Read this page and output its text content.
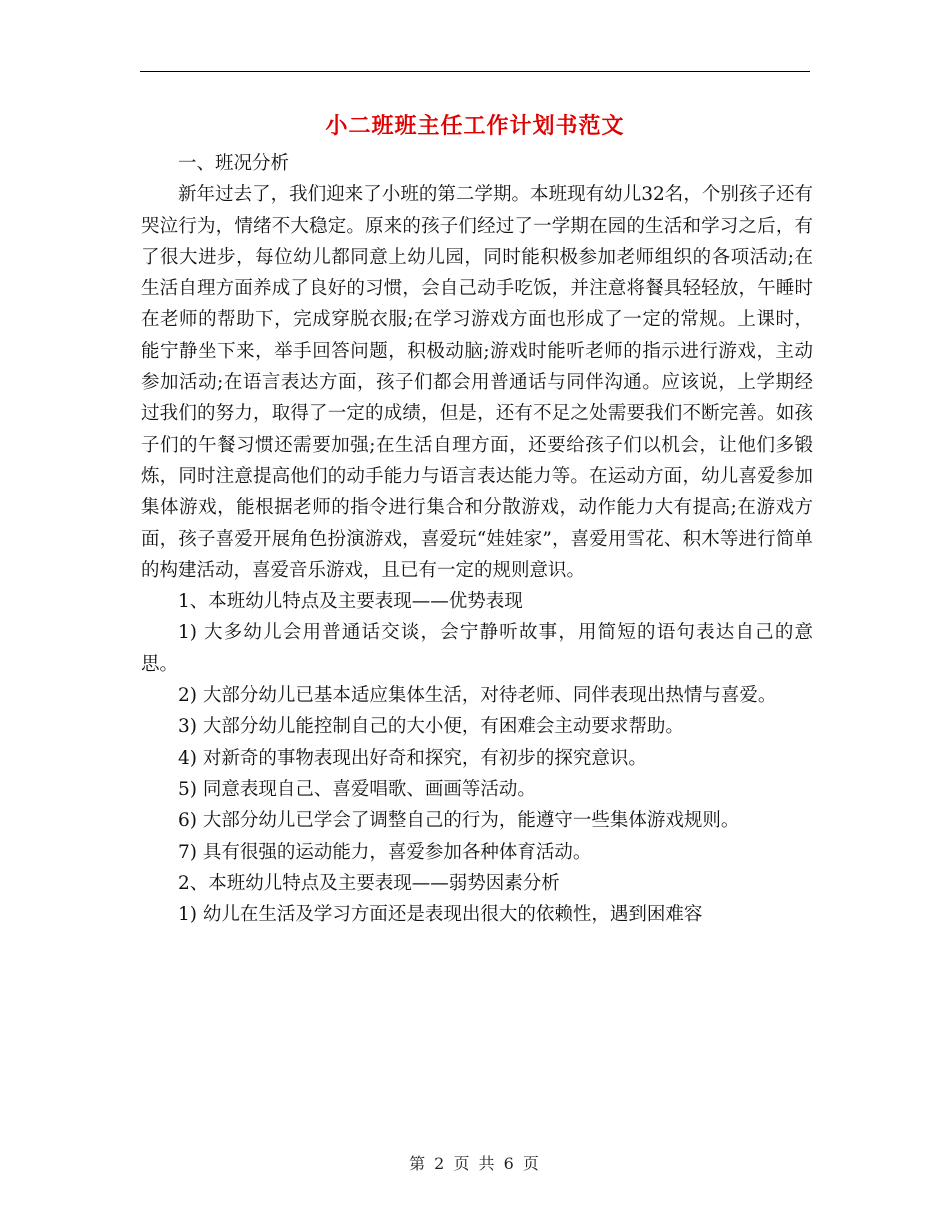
小二班班主任工作计划书范文

一、班况分析

新年过去了，我们迎来了小班的第二学期。本班现有幼儿32名，个别孩子还有哭泣行为，情绪不大稳定。原来的孩子们经过了一学期在园的生活和学习之后，有了很大进步，每位幼儿都同意上幼儿园，同时能积极参加老师组织的各项活动;在生活自理方面养成了良好的习惯，会自己动手吃饭，并注意将餐具轻轻放，午睡时在老师的帮助下，完成穿脱衣服;在学习游戏方面也形成了一定的常规。上课时，能宁静坐下来，举手回答问题，积极动脑;游戏时能听老师的指示进行游戏，主动参加活动;在语言表达方面，孩子们都会用普通话与同伴沟通。应该说，上学期经过我们的努力，取得了一定的成绩，但是，还有不足之处需要我们不断完善。如孩子们的午餐习惯还需要加强;在生活自理方面，还要给孩子们以机会，让他们多锻炼，同时注意提高他们的动手能力与语言表达能力等。在运动方面，幼儿喜爱参加集体游戏，能根据老师的指令进行集合和分散游戏，动作能力大有提高;在游戏方面，孩子喜爱开展角色扮演游戏，喜爱玩“娃娃家”，喜爱用雪花、积木等进行简单的构建活动，喜爱音乐游戏，且已有一定的规则意识。

1、本班幼儿特点及主要表现——优势表现

1) 大多幼儿会用普通话交谈，会宁静听故事，用简短的语句表达自己的意思。

2) 大部分幼儿已基本适应集体生活，对待老师、同伴表现出热情与喜爱。

3) 大部分幼儿能控制自己的大小便，有困难会主动要求帮助。

4) 对新奇的事物表现出好奇和探究，有初步的探究意识。

5) 同意表现自己、喜爱唱歌、画画等活动。

6) 大部分幼儿已学会了调整自己的行为，能遵守一些集体游戏规则。

7) 具有很强的运动能力，喜爱参加各种体育活动。

2、本班幼儿特点及主要表现——弱势因素分析

1) 幼儿在生活及学习方面还是表现出很大的依赖性，遇到困难容

第 2 页 共 6 页
